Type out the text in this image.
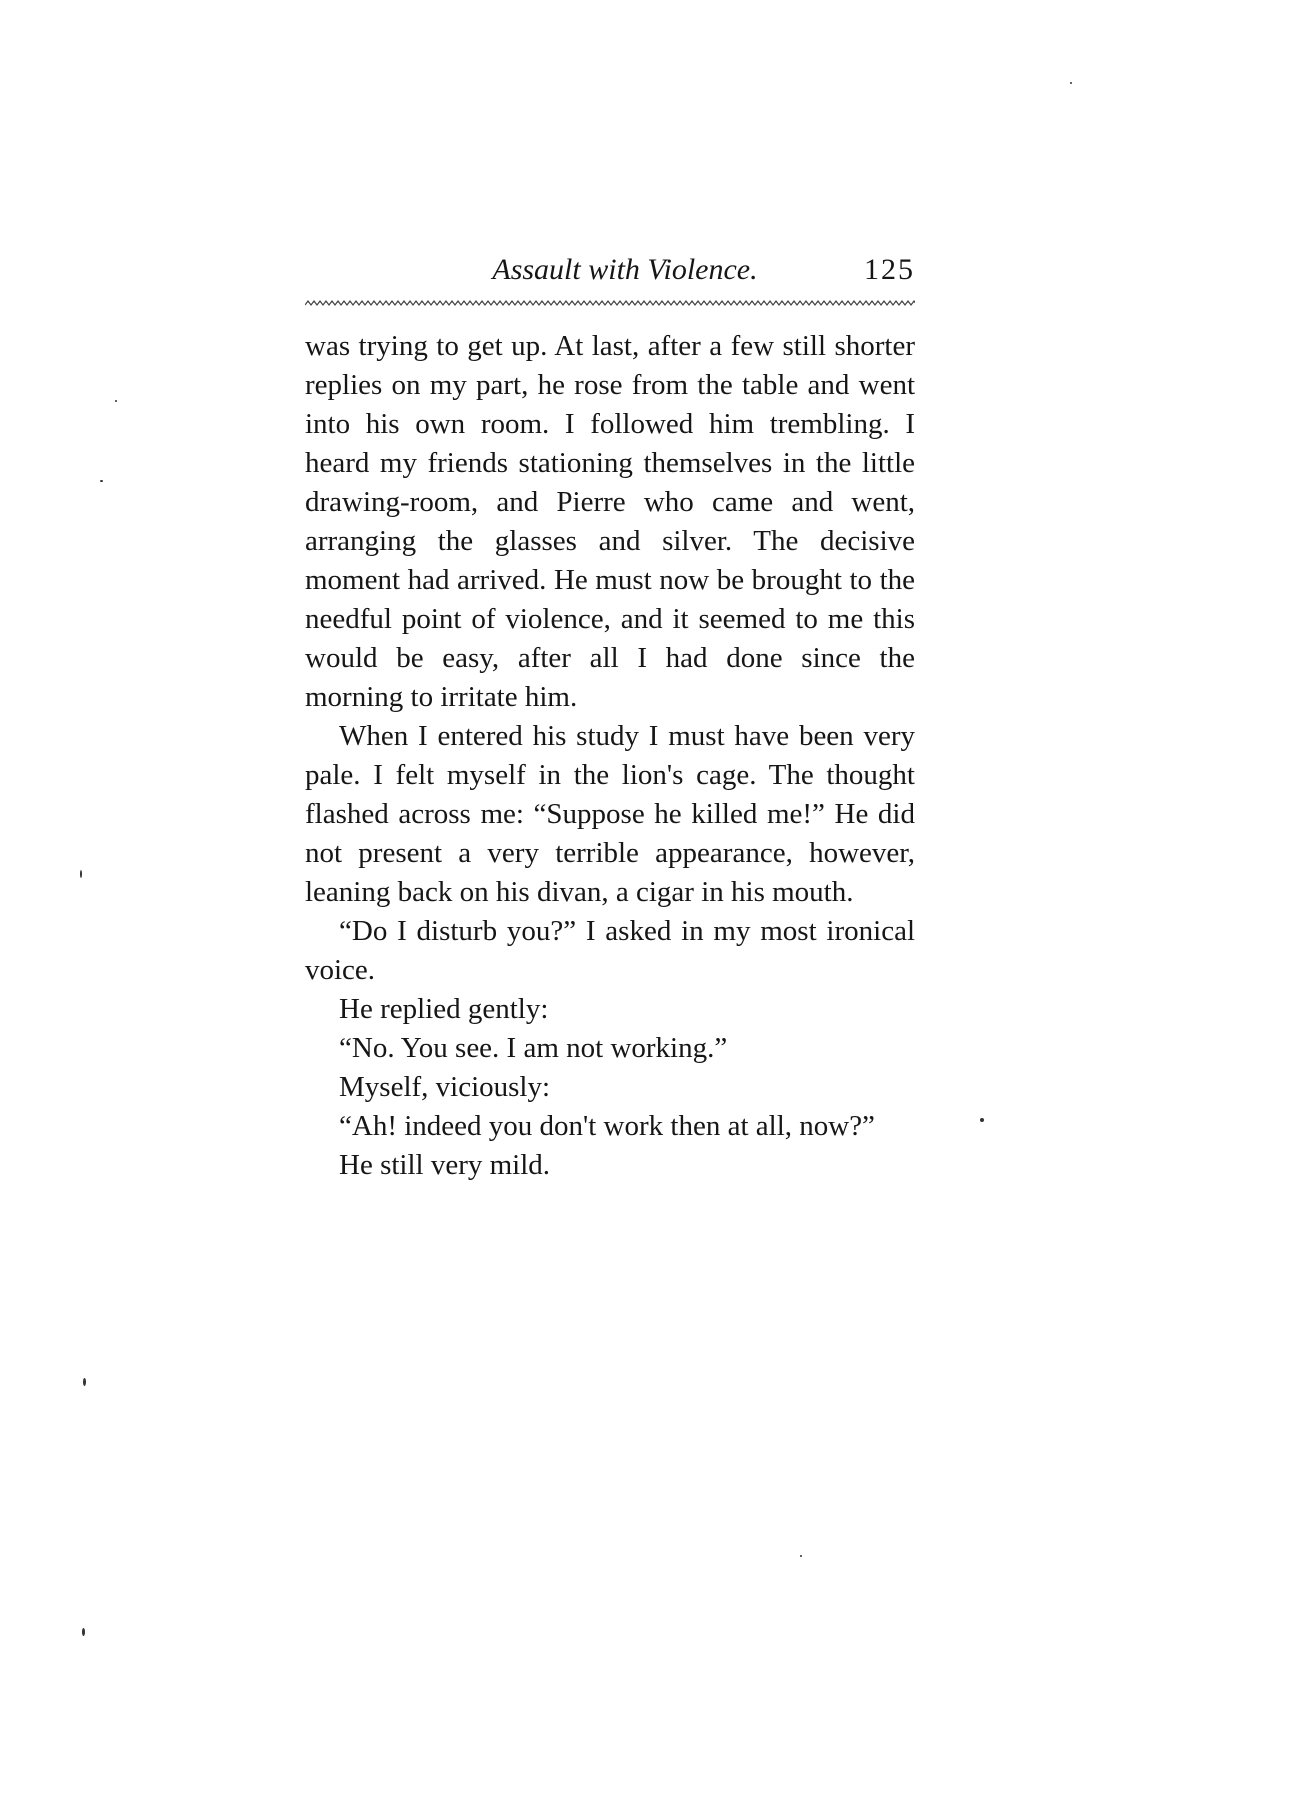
Assault with Violence.	125

was trying to get up. At last, after a few still shorter replies on my part, he rose from the table and went into his own room. I followed him trembling. I heard my friends stationing themselves in the little drawing-room, and Pierre who came and went, arranging the glasses and silver. The decisive moment had arrived. He must now be brought to the needful point of violence, and it seemed to me this would be easy, after all I had done since the morning to irritate him.

When I entered his study I must have been very pale. I felt myself in the lion's cage. The thought flashed across me: “Suppose he killed me!” He did not present a very terrible appearance, however, leaning back on his divan, a cigar in his mouth.

“Do I disturb you?” I asked in my most ironical voice.

He replied gently:

“No. You see. I am not working.”

Myself, viciously:

“Ah! indeed you don't work then at all, now?”

He still very mild.
